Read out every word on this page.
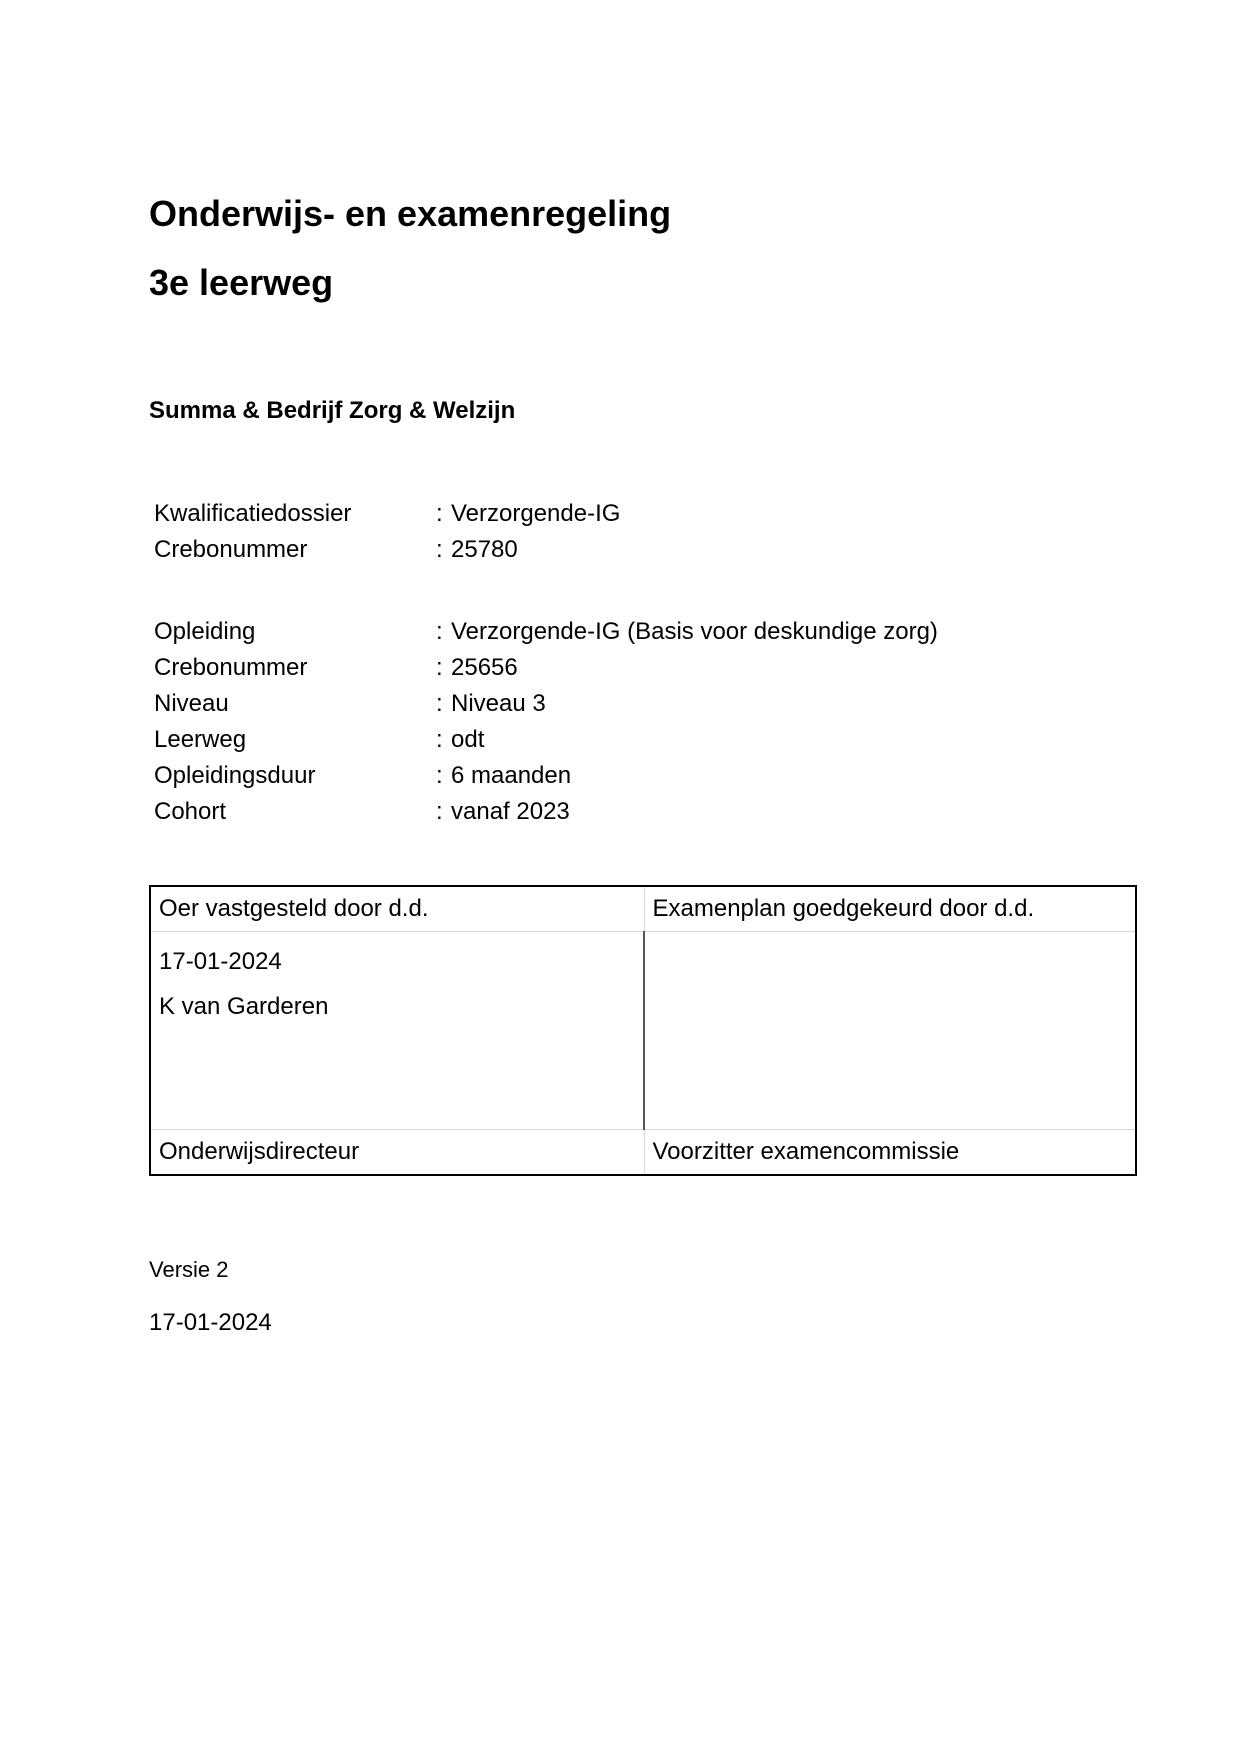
Onderwijs- en examenregeling
3e leerweg
Summa & Bedrijf Zorg & Welzijn
Kwalificatiedossier	: Verzorgende-IG
Crebonummer	: 25780
Opleiding	: Verzorgende-IG (Basis voor deskundige zorg)
Crebonummer	: 25656
Niveau	: Niveau 3
Leerweg	: odt
Opleidingsduur	: 6 maanden
Cohort	: vanaf 2023
Oer vastgesteld door d.d.	Examenplan goedgekeurd door d.d.

17-01-2024
K van Garderen	

Onderwijsdirecteur	Voorzitter examencommissie
Versie 2
17-01-2024
